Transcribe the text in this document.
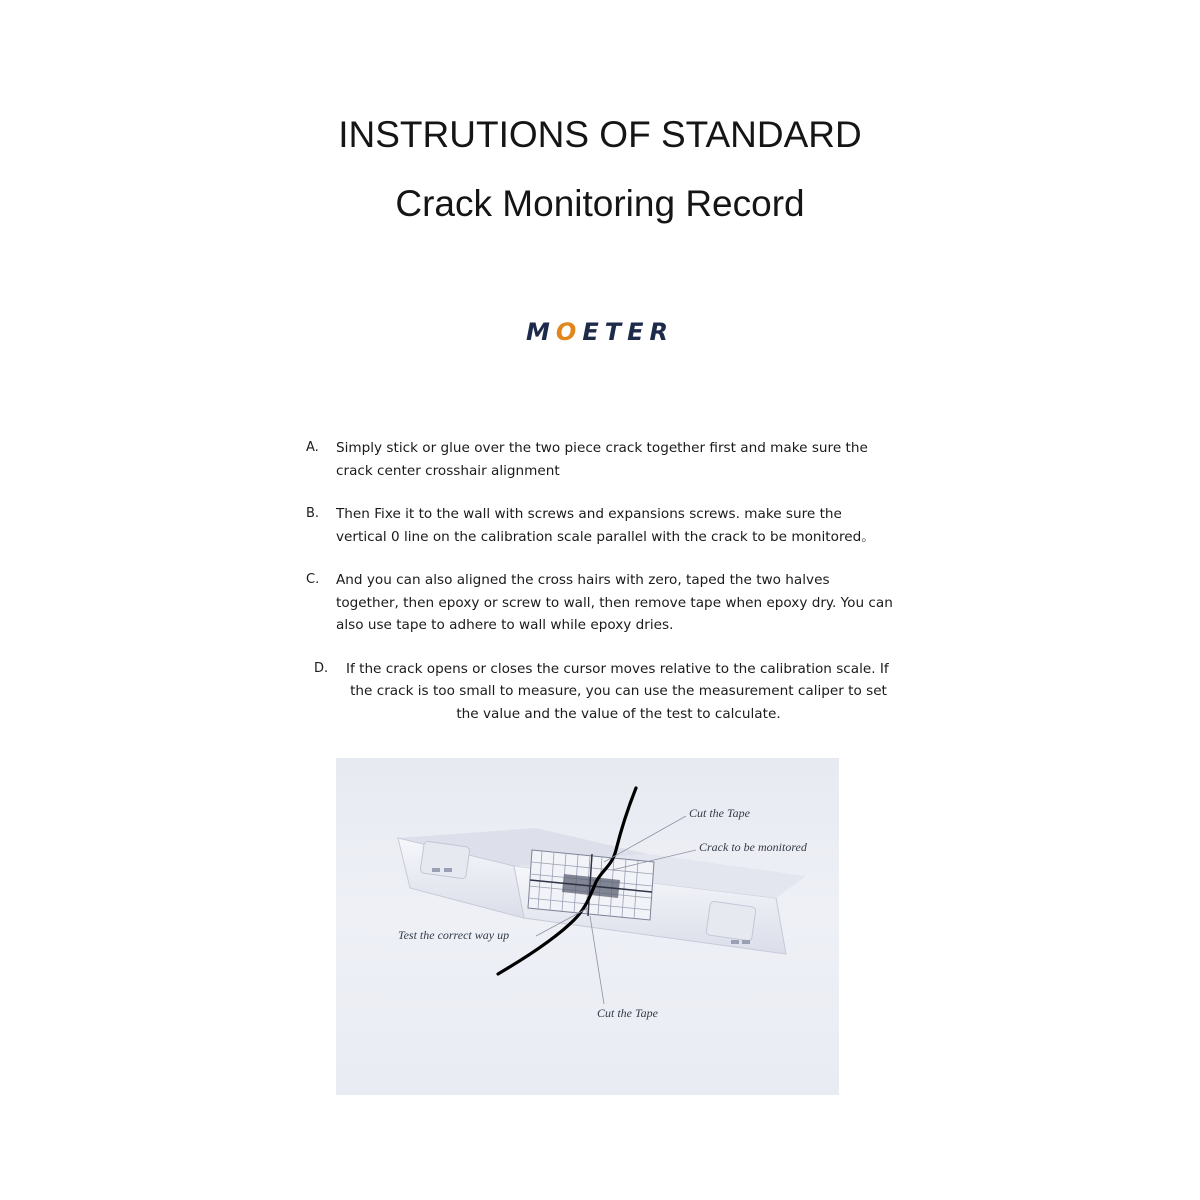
INSTRUTIONS OF STANDARD
Crack Monitoring Record
MOETER
A. Simply stick or glue over the two piece crack together first and make sure the crack center crosshair alignment
B. Then Fixe it to the wall with screws and expansions screws. make sure the vertical 0 line on the calibration scale parallel with the crack to be monitored。
C. And you can also aligned the cross hairs with zero, taped the two halves together, then epoxy or screw to wall, then remove tape when epoxy dry. You can also use tape to adhere to wall while epoxy dries.
D. If the crack opens or closes the cursor moves relative to the calibration scale. If
the crack is too small to measure, you can use the measurement caliper to set the value and the value of the test to calculate.
Cut the Tape
Crack to be monitored
Test the correct way up
Cut the Tape
